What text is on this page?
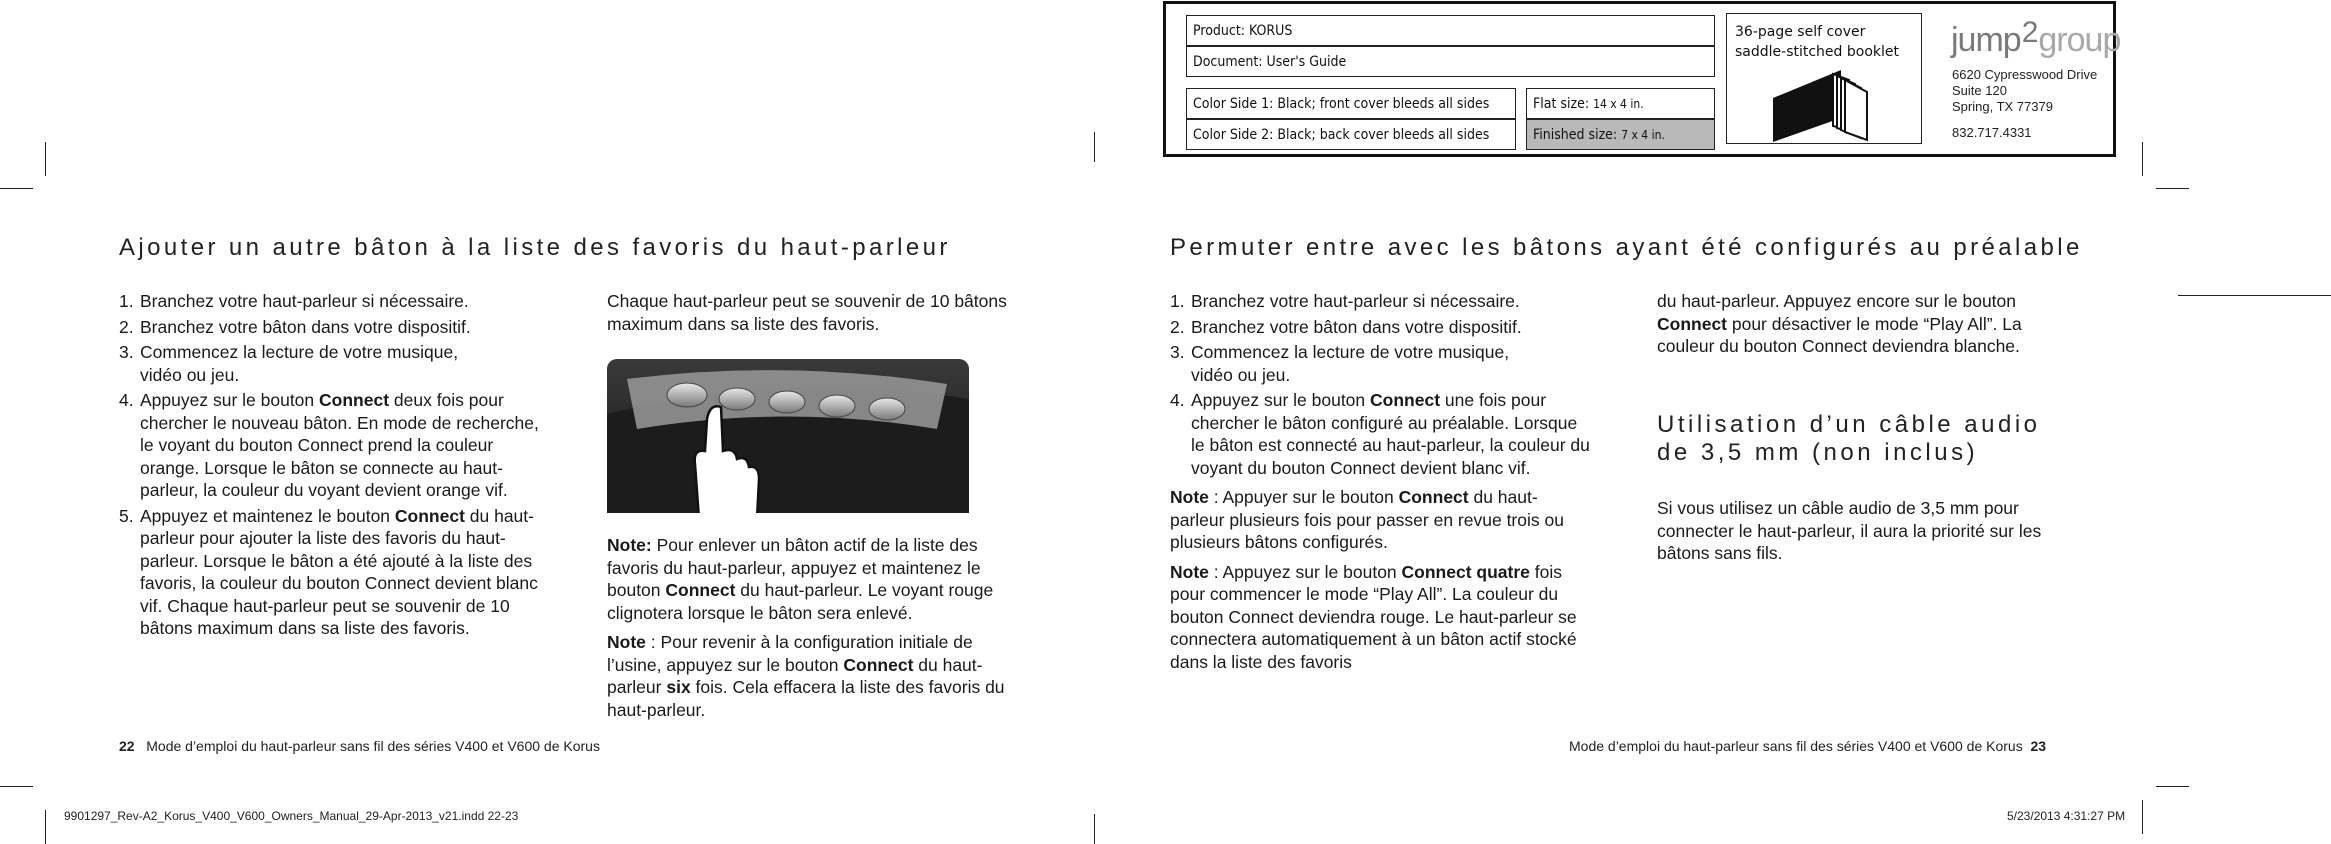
Product: KORUS
Document: User's Guide
Color Side 1: Black; front cover bleeds all sides
Color Side 2: Black; back cover bleeds all sides
Flat size: 14 x 4 in.
Finished size: 7 x 4 in.
36-page self cover
saddle-stitched booklet jump2group
6620 Cypresswood Drive
Suite 120
Spring, TX 77379
832.717.4331
Ajouter un autre bâton à la liste des favoris du haut-parleur
1. Branchez votre haut-parleur si nécessaire.
2. Branchez votre bâton dans votre dispositif.
3. Commencez la lecture de votre musique, vidéo ou jeu.
4. Appuyez sur le bouton Connect deux fois pour chercher le nouveau bâton. En mode de recherche, le voyant du bouton Connect prend la couleur orange. Lorsque le bâton se connecte au haut-parleur, la couleur du voyant devient orange vif.
5. Appuyez et maintenez le bouton Connect du haut-parleur pour ajouter la liste des favoris du haut-parleur. Lorsque le bâton a été ajouté à la liste des favoris, la couleur du bouton Connect devient blanc vif. Chaque haut-parleur peut se souvenir de 10 bâtons maximum dans sa liste des favoris.
Chaque haut-parleur peut se souvenir de 10 bâtons maximum dans sa liste des favoris.

Note: Pour enlever un bâton actif de la liste des favoris du haut-parleur, appuyez et maintenez le bouton Connect du haut-parleur. Le voyant rouge clignotera lorsque le bâton sera enlevé.

Note : Pour revenir à la configuration initiale de l’usine, appuyez sur le bouton Connect du haut-parleur six fois. Cela effacera la liste des favoris du haut-parleur.

22 Mode d’emploi du haut-parleur sans fil des séries V400 et V600 de Korus
Permuter entre avec les bâtons ayant été configurés au préalable
1. Branchez votre haut-parleur si nécessaire.
2. Branchez votre bâton dans votre dispositif.
3. Commencez la lecture de votre musique, vidéo ou jeu.
4. Appuyez sur le bouton Connect une fois pour chercher le bâton configuré au préalable. Lorsque le bâton est connecté au haut-parleur, la couleur du voyant du bouton Connect devient blanc vif.

Note : Appuyer sur le bouton Connect du haut-parleur plusieurs fois pour passer en revue trois ou plusieurs bâtons configurés.

Note : Appuyez sur le bouton Connect quatre fois pour commencer le mode “Play All”. La couleur du bouton Connect deviendra rouge. Le haut-parleur se connectera automatiquement à un bâton actif stocké dans la liste des favoris

du haut-parleur. Appuyez encore sur le bouton Connect pour désactiver le mode “Play All”. La couleur du bouton Connect deviendra blanche.

Utilisation d’un câble audio de 3,5 mm (non inclus)
Si vous utilisez un câble audio de 3,5 mm pour connecter le haut-parleur, il aura la priorité sur les bâtons sans fils.
Mode d’emploi du haut-parleur sans fil des séries V400 et V600 de Korus 23
9901297_Rev-A2_Korus_V400_V600_Owners_Manual_29-Apr-2013_v21.indd 22-23	5/23/2013 4:31:27 PM
